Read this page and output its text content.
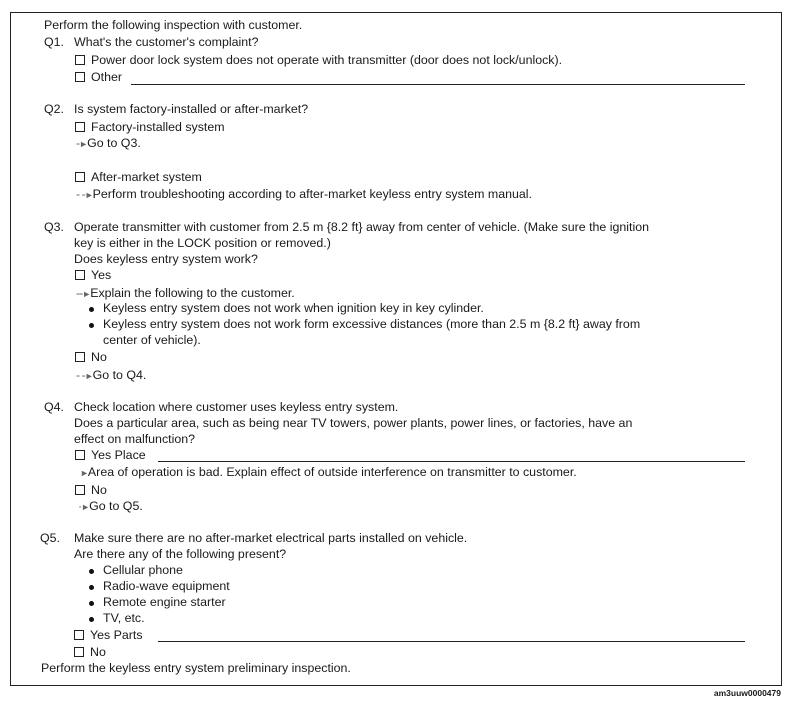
Perform the following inspection with customer.
Q1. What's the customer's complaint?
Power door lock system does not operate with transmitter (door does not lock/unlock).
Other
Q2. Is system factory-installed or after-market?
Factory-installed system
-►Go to Q3.
After-market system
- -►Perform troubleshooting according to after-market keyless entry system manual.
Q3. Operate transmitter with customer from 2.5 m {8.2 ft} away from center of vehicle. (Make sure the ignition
key is either in the LOCK position or removed.)
Does keyless entry system work?
Yes
--►Explain the following to the customer.
Keyless entry system does not work when ignition key in key cylinder.
Keyless entry system does not work form excessive distances (more than 2.5 m {8.2 ft} away from
center of vehicle).
No
- -►Go to Q4.
Q4. Check location where customer uses keyless entry system.
Does a particular area, such as being near TV towers, power plants, power lines, or factories, have an
effect on malfunction?
Yes Place
►Area of operation is bad. Explain effect of outside interference on transmitter to customer.
No
·►Go to Q5.
Q5. Make sure there are no after-market electrical parts installed on vehicle.
Are there any of the following present?
Cellular phone
Radio-wave equipment
Remote engine starter
TV, etc.
Yes Parts
No
Perform the keyless entry system preliminary inspection.
am3uuw0000479
